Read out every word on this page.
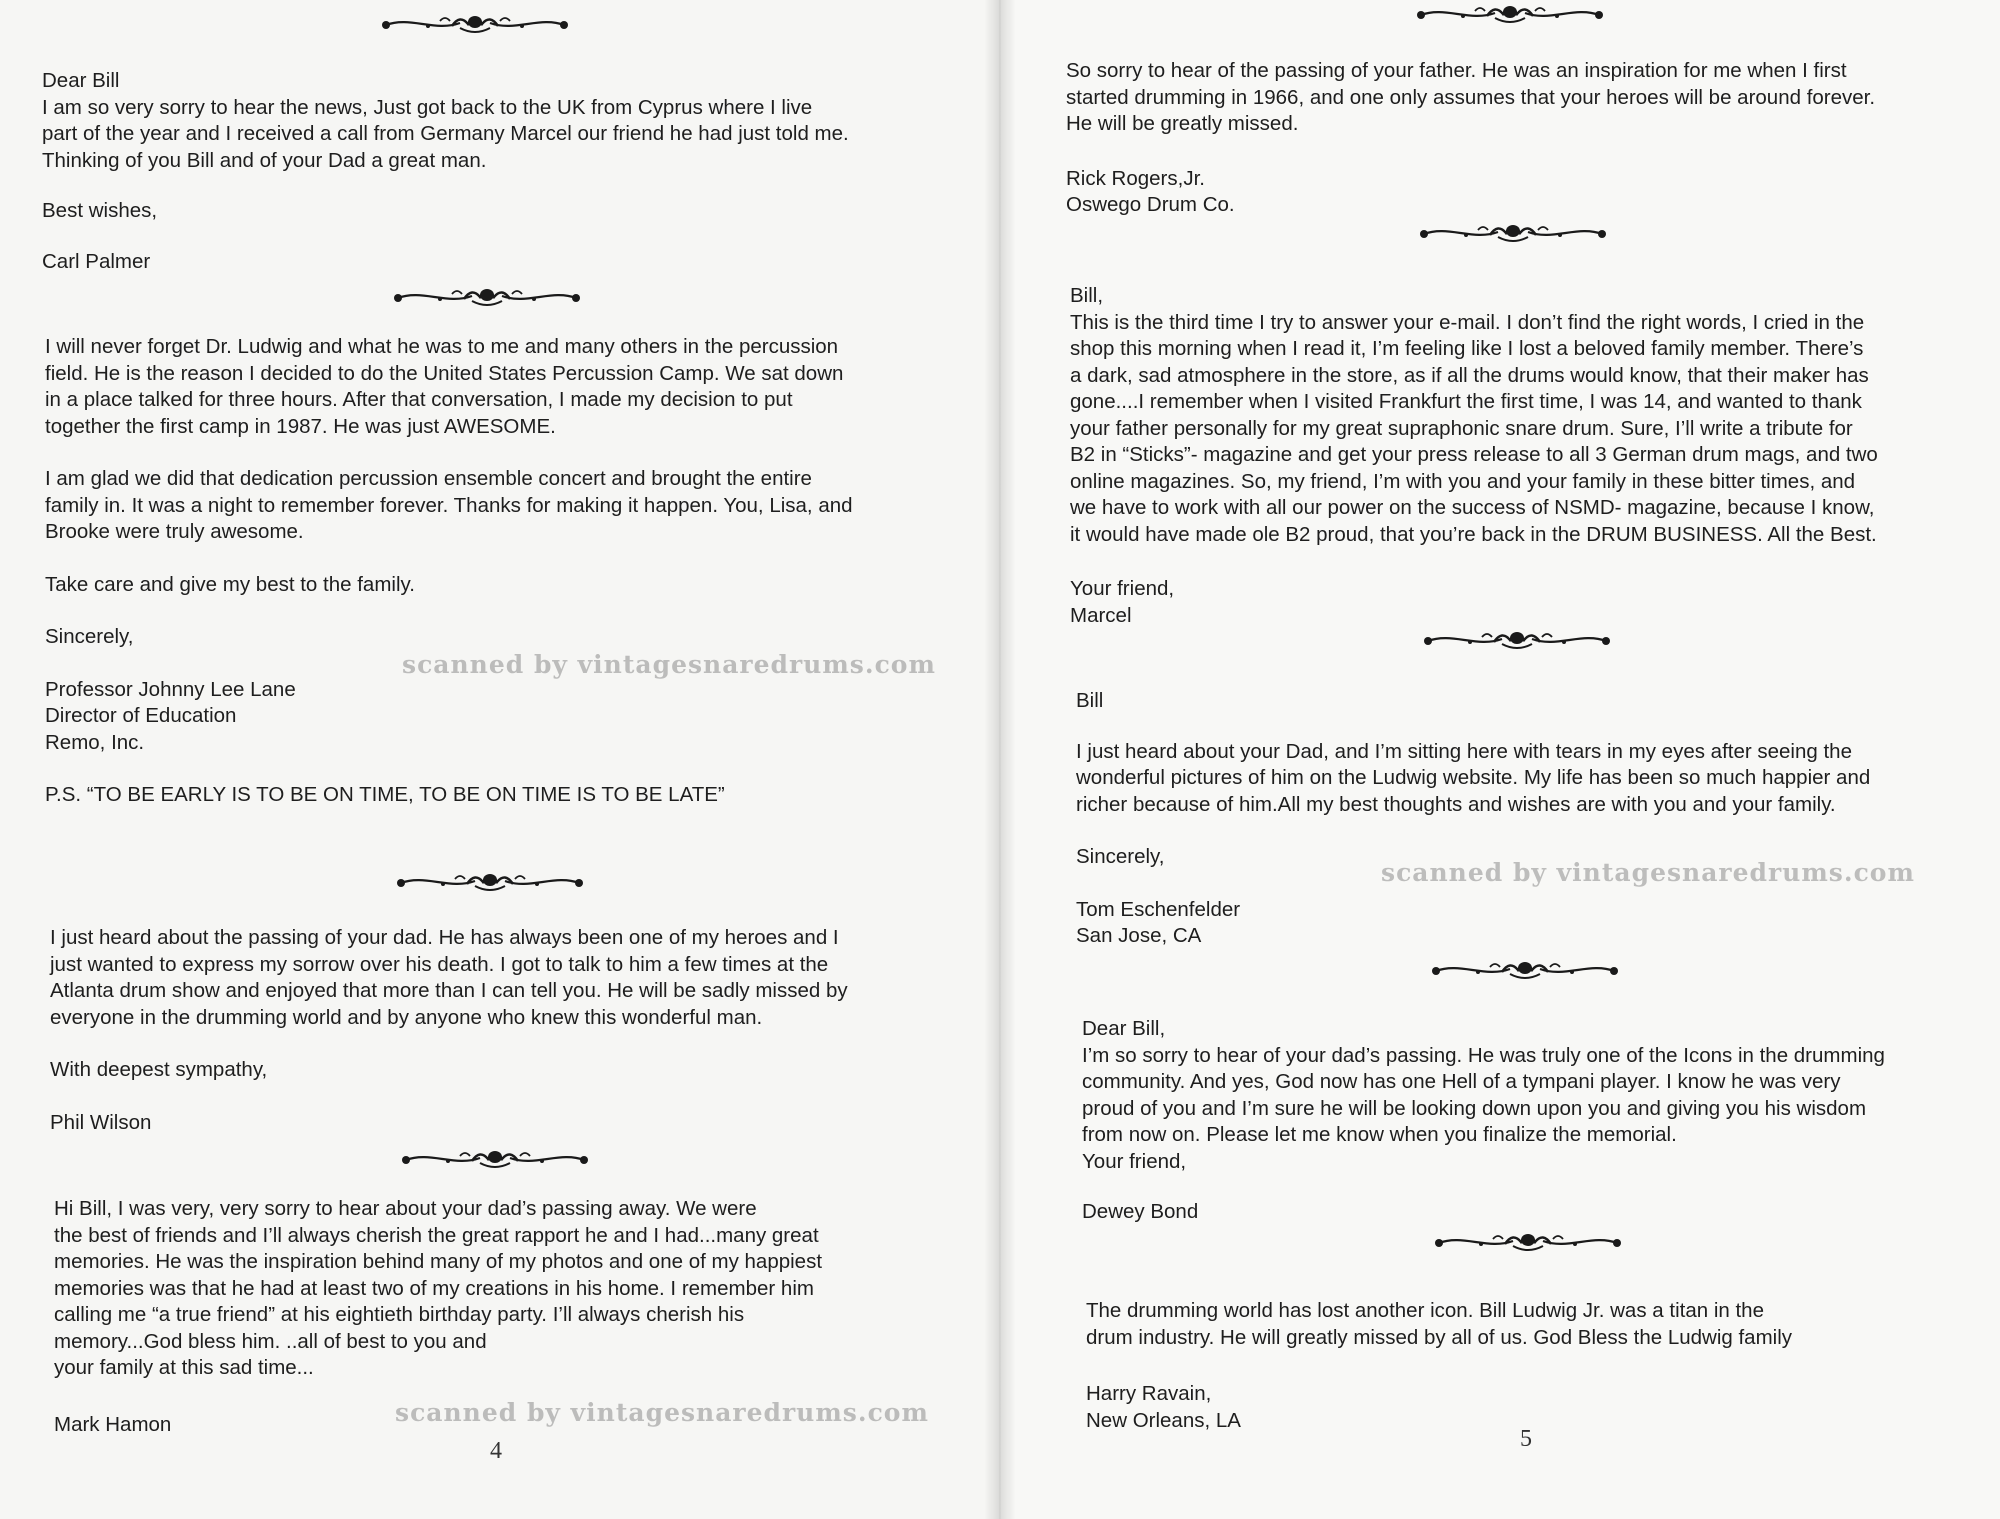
Dear Bill
I am so very sorry to hear the news, Just got back to the UK from Cyprus where I live
part of the year and I received a call from Germany Marcel our friend he had just told me.
Thinking of you Bill and of your Dad a great man.

Best wishes,

Carl Palmer

I will never forget Dr. Ludwig and what he was to me and many others in the percussion
field. He is the reason I decided to do the United States Percussion Camp. We sat down
in a place talked for three hours. After that conversation, I made my decision to put
together the first camp in 1987. He was just AWESOME.

I am glad we did that dedication percussion ensemble concert and brought the entire
family in. It was a night to remember forever. Thanks for making it happen. You, Lisa, and
Brooke were truly awesome.

Take care and give my best to the family.

Sincerely,

Professor Johnny Lee Lane
Director of Education
Remo, Inc.

P.S. “TO BE EARLY IS TO BE ON TIME, TO BE ON TIME IS TO BE LATE”

scanned by vintagesnaredrums.com

I just heard about the passing of your dad. He has always been one of my heroes and I
just wanted to express my sorrow over his death. I got to talk to him a few times at the
Atlanta drum show and enjoyed that more than I can tell you. He will be sadly missed by
everyone in the drumming world and by anyone who knew this wonderful man.

With deepest sympathy,

Phil Wilson

Hi Bill, I was very, very sorry to hear about your dad’s passing away. We were
the best of friends and I’ll always cherish the great rapport he and I had...many great
memories. He was the inspiration behind many of my photos and one of my happiest
memories was that he had at least two of my creations in his home. I remember him
calling me “a true friend” at his eightieth birthday party. I’ll always cherish his
memory...God bless him. ..all of best to you and
your family at this sad time...

Mark Hamon	scanned by vintagesnaredrums.com
4

So sorry to hear of the passing of your father. He was an inspiration for me when I first
started drumming in 1966, and one only assumes that your heroes will be around forever.
He will be greatly missed.

Rick Rogers,Jr.
Oswego Drum Co.

Bill,
This is the third time I try to answer your e-mail. I don’t find the right words, I cried in the
shop this morning when I read it, I’m feeling like I lost a beloved family member. There’s
a dark, sad atmosphere in the store, as if all the drums would know, that their maker has
gone....I remember when I visited Frankfurt the first time, I was 14, and wanted to thank
your father personally for my great supraphonic snare drum. Sure, I’ll write a tribute for
B2 in “Sticks”- magazine and get your press release to all 3 German drum mags, and two
online magazines. So, my friend, I’m with you and your family in these bitter times, and
we have to work with all our power on the success of NSMD- magazine, because I know,
it would have made ole B2 proud, that you’re back in the DRUM BUSINESS. All the Best.

Your friend,
Marcel

Bill

I just heard about your Dad, and I’m sitting here with tears in my eyes after seeing the
wonderful pictures of him on the Ludwig website. My life has been so much happier and
richer because of him.All my best thoughts and wishes are with you and your family.

Sincerely,

Tom Eschenfelder
San Jose, CA

scanned by vintagesnaredrums.com

Dear Bill,
I’m so sorry to hear of your dad’s passing. He was truly one of the Icons in the drumming
community. And yes, God now has one Hell of a tympani player. I know he was very
proud of you and I’m sure he will be looking down upon you and giving you his wisdom
from now on. Please let me know when you finalize the memorial.
Your friend,

Dewey Bond

The drumming world has lost another icon. Bill Ludwig Jr. was a titan in the
drum industry. He will greatly missed by all of us. God Bless the Ludwig family

Harry Ravain,
New Orleans, LA

5
